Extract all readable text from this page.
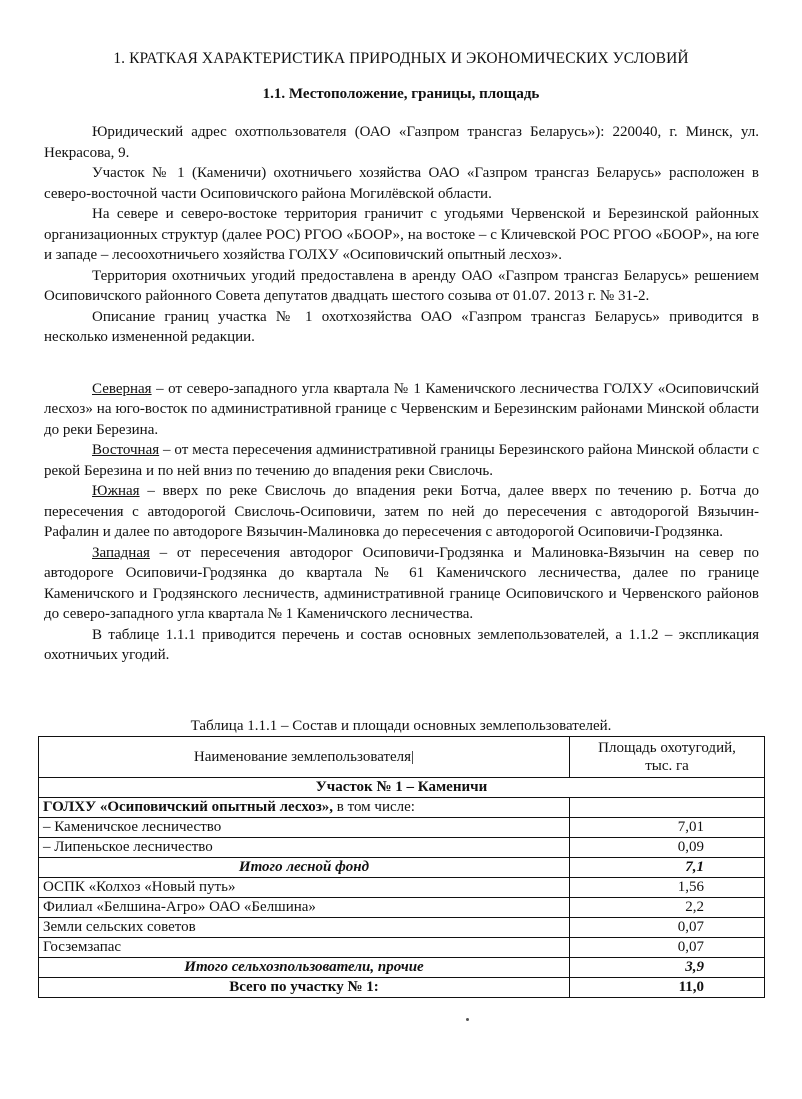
1. КРАТКАЯ ХАРАКТЕРИСТИКА ПРИРОДНЫХ И ЭКОНОМИЧЕСКИХ УСЛОВИЙ
1.1. Местоположение, границы, площадь

Юридический адрес охотпользователя (ОАО «Газпром трансгаз Беларусь»): 220040, г. Минск, ул. Некрасова, 9.

Участок № 1 (Каменичи) охотничьего хозяйства ОАО «Газпром трансгаз Беларусь» расположен в северо-восточной части Осиповичского района Могилёвской области.

На севере и северо-востоке территория граничит с угодьями Червенской и Березинской районных организационных структур (далее РОС) РГОО «БООР», на востоке – с Кличевской РОС РГОО «БООР», на юге и западе – лесоохотничьего хозяйства ГОЛХУ «Осиповичский опытный лесхоз».

Территория охотничьих угодий предоставлена в аренду ОАО «Газпром трансгаз Беларусь» решением Осиповичского районного Совета депутатов двадцать шестого созыва от 01.07. 2013 г. № 31-2.

Описание границ участка № 1 охотхозяйства ОАО «Газпром трансгаз Беларусь» приводится в несколько измененной редакции.

Северная – от северо-западного угла квартала № 1 Каменичского лесничества ГОЛХУ «Осиповичский лесхоз» на юго-восток по административной границе с Червенским и Березинским районами Минской области до реки Березина.

Восточная – от места пересечения административной границы Березинского района Минской области с рекой Березина и по ней вниз по течению до впадения реки Свислочь.

Южная – вверх по реке Свислочь до впадения реки Ботча, далее вверх по течению р. Ботча до пересечения с автодорогой Свислочь-Осиповичи, затем по ней до пересечения с автодорогой Вязычин-Рафалин и далее по автодороге Вязычин-Малиновка до пересечения с автодорогой Осиповичи-Гродзянка.

Западная – от пересечения автодорог Осиповичи-Гродзянка и Малиновка-Вязычин на север по автодороге Осиповичи-Гродзянка до квартала № 61 Каменичского лесничества, далее по границе Каменичского и Гродзянского лесничеств, административной границе Осиповичского и Червенского районов до северо-западного угла квартала № 1 Каменичского лесничества.

В таблице 1.1.1 приводится перечень и состав основных землепользователей, а 1.1.2 – экспликация охотничьих угодий.

Таблица 1.1.1 – Состав и площади основных землепользователей.
Наименование землепользователя|	Площадь охотугодий,
тыс. га
Участок № 1 – Каменичи	
ГОЛХУ «Осиповичский опытный лесхоз», в том числе:	
– Каменичское лесничество	7,01
– Липеньское лесничество	0,09
Итого лесной фонд	7,1
ОСПК «Колхоз «Новый путь»	1,56
Филиал «Белшина-Агро» ОАО «Белшина»	2,2
Земли сельских советов	0,07
Госземзапас	0,07
Итого сельхозпользователи, прочие	3,9
Всего по участку № 1:	11,0
